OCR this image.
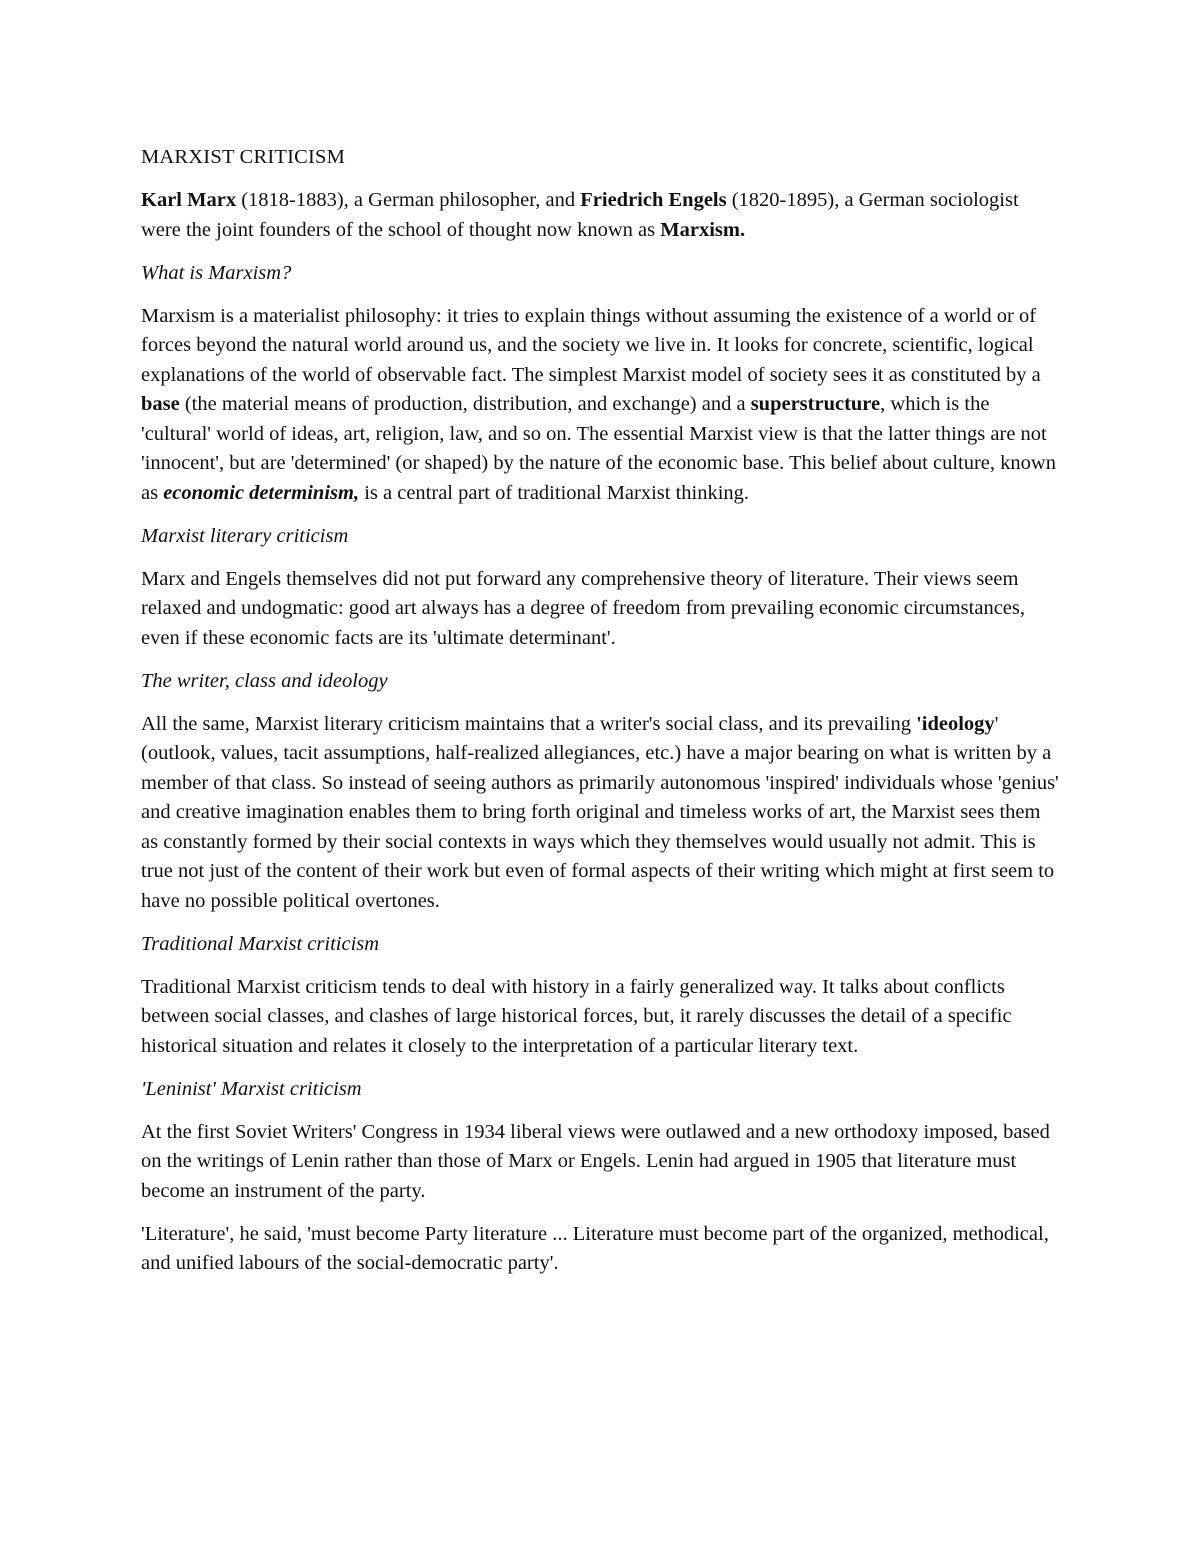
MARXIST CRITICISM

Karl Marx (1818-1883), a German philosopher, and Friedrich Engels (1820-1895), a German sociologist were the joint founders of the school of thought now known as Marxism.

What is Marxism?

Marxism is a materialist philosophy: it tries to explain things without assuming the existence of a world or of forces beyond the natural world around us, and the society we live in. It looks for concrete, scientific, logical explanations of the world of observable fact. The simplest Marxist model of society sees it as constituted by a base (the material means of production, distribution, and exchange) and a superstructure, which is the 'cultural' world of ideas, art, religion, law, and so on. The essential Marxist view is that the latter things are not 'innocent', but are 'determined' (or shaped) by the nature of the economic base. This belief about culture, known as economic determinism, is a central part of traditional Marxist thinking.

Marxist literary criticism

Marx and Engels themselves did not put forward any comprehensive theory of literature. Their views seem relaxed and undogmatic: good art always has a degree of freedom from prevailing economic circumstances, even if these economic facts are its 'ultimate determinant'.

The writer, class and ideology

All the same, Marxist literary criticism maintains that a writer's social class, and its prevailing 'ideology' (outlook, values, tacit assumptions, half-realized allegiances, etc.) have a major bearing on what is written by a member of that class. So instead of seeing authors as primarily autonomous 'inspired' individuals whose 'genius' and creative imagination enables them to bring forth original and timeless works of art, the Marxist sees them as constantly formed by their social contexts in ways which they themselves would usually not admit. This is true not just of the content of their work but even of formal aspects of their writing which might at first seem to have no possible political overtones.

Traditional Marxist criticism

Traditional Marxist criticism tends to deal with history in a fairly generalized way. It talks about conflicts between social classes, and clashes of large historical forces, but, it rarely discusses the detail of a specific historical situation and relates it closely to the interpretation of a particular literary text.

'Leninist' Marxist criticism

At the first Soviet Writers' Congress in 1934 liberal views were outlawed and a new orthodoxy imposed, based on the writings of Lenin rather than those of Marx or Engels. Lenin had argued in 1905 that literature must become an instrument of the party.

'Literature', he said, 'must become Party literature ... Literature must become part of the organized, methodical, and unified labours of the social-democratic party'.
